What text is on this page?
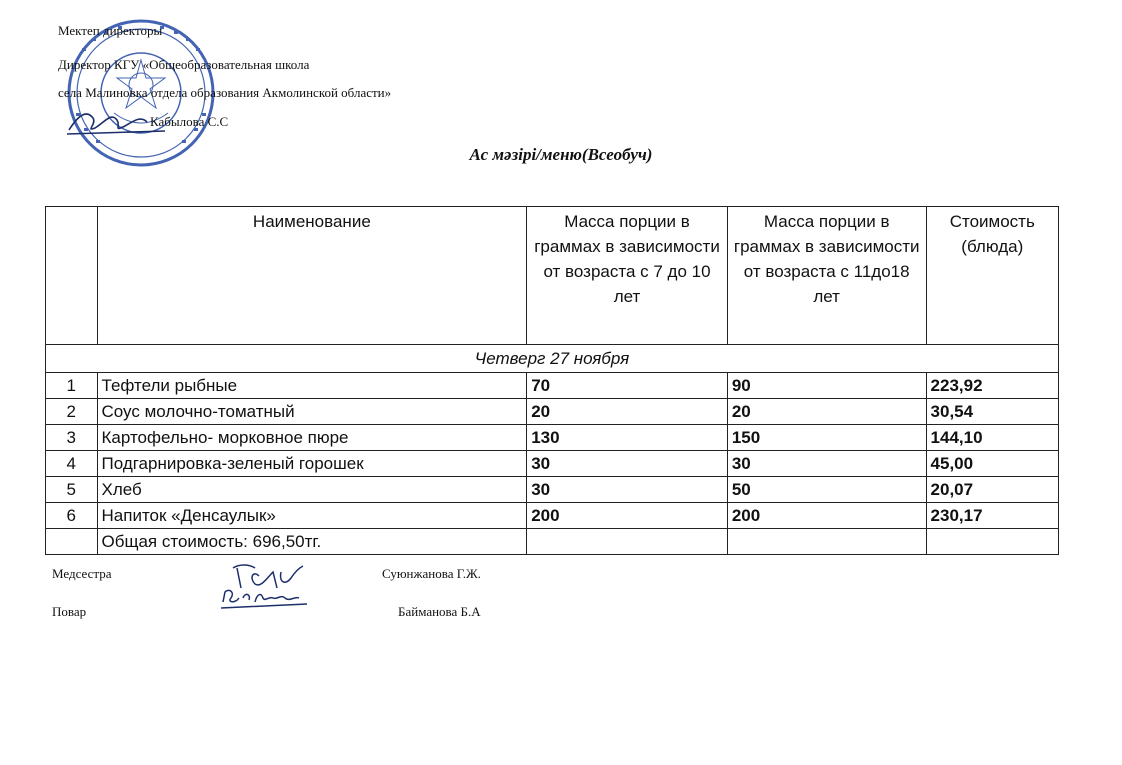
Мектеп директоры
Директор КГУ «Общеобразовательная школа
села Малиновка отдела образования Акмолинской области»
Кабылова С.С
Ас мәзірі/меню(Всеобуч)
	Наименование	Масса порции в граммах в зависимости от возраста с 7 до 10 лет	Масса порции в граммах в зависимости от возраста с 11до18 лет	Стоимость (блюда)
Четверг 27 ноября				
1	Тефтели рыбные	70	90	223,92
2	Соус молочно-томатный	20	20	30,54
3	Картофельно- морковное пюре	130	150	144,10
4	Подгарнировка-зеленый горошек	30	30	45,00
5	Хлеб	30	50	20,07
6	Напиток «Денсаулык»	200	200	230,17
	Общая стоимость: 696,50тг.			
Медсестра	Суюнжанова Г.Ж.
Повар	Байманова Б.А
